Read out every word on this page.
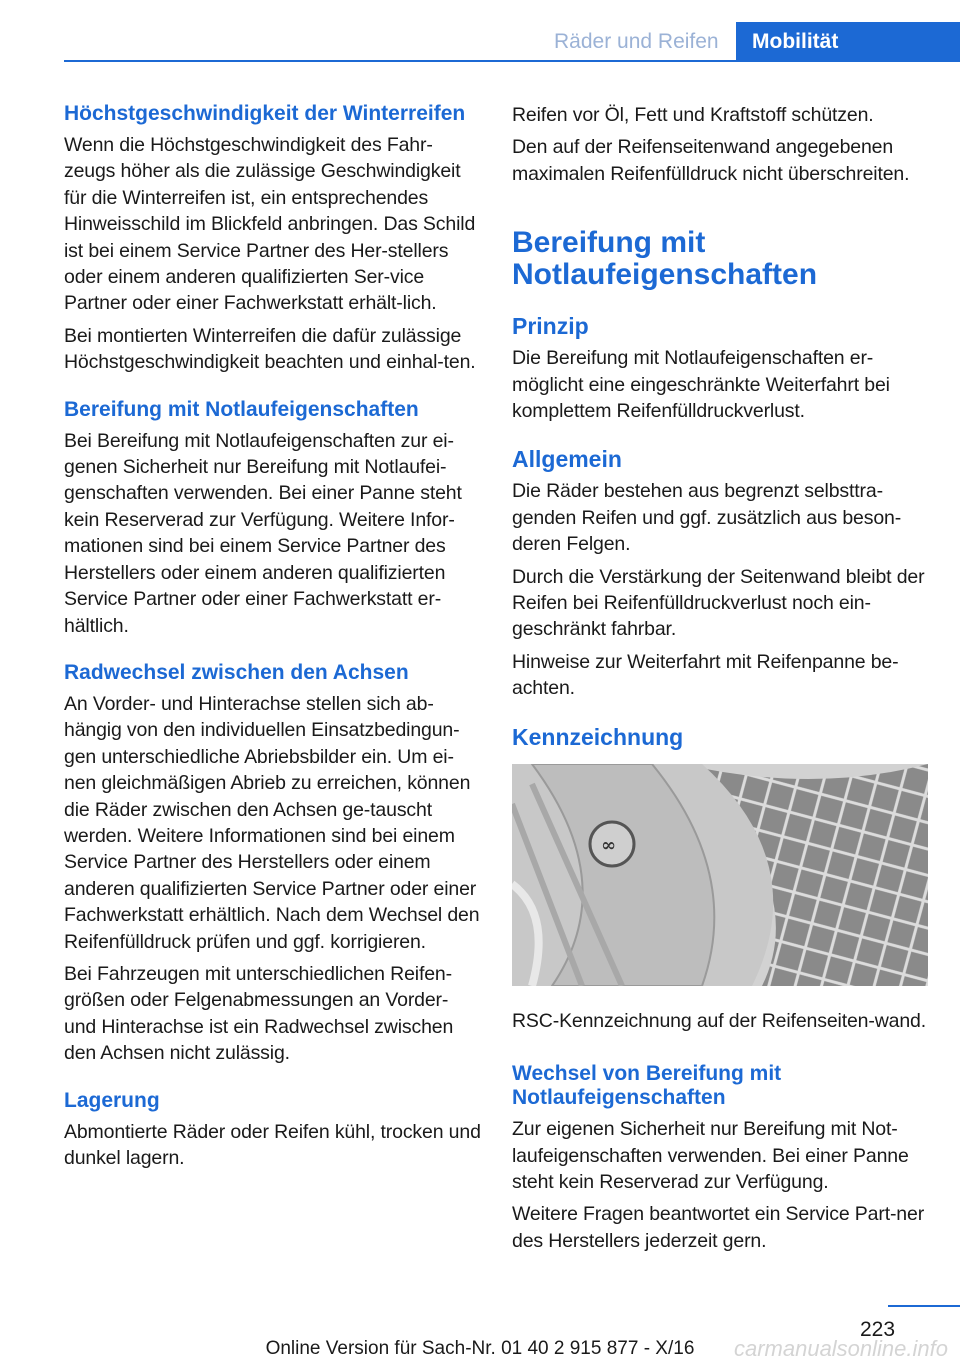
Räder und Reifen	Mobilität
Höchstgeschwindigkeit der Winterreifen

Wenn die Höchstgeschwindigkeit des Fahr-zeugs höher als die zulässige Geschwindigkeit für die Winterreifen ist, ein entsprechendes Hinweisschild im Blickfeld anbringen. Das Schild ist bei einem Service Partner des Her-stellers oder einem anderen qualifizierten Ser-vice Partner oder einer Fachwerkstatt erhält-lich.

Bei montierten Winterreifen die dafür zulässige Höchstgeschwindigkeit beachten und einhal-ten.

Bereifung mit Notlaufeigenschaften

Bei Bereifung mit Notlaufeigenschaften zur ei-genen Sicherheit nur Bereifung mit Notlaufei-genschaften verwenden. Bei einer Panne steht kein Reserverad zur Verfügung. Weitere Infor-mationen sind bei einem Service Partner des Herstellers oder einem anderen qualifizierten Service Partner oder einer Fachwerkstatt er-hältlich.

Radwechsel zwischen den Achsen

An Vorder- und Hinterachse stellen sich ab-hängig von den individuellen Einsatzbedingun-gen unterschiedliche Abriebsbilder ein. Um ei-nen gleichmäßigen Abrieb zu erreichen, können die Räder zwischen den Achsen ge-tauscht werden. Weitere Informationen sind bei einem Service Partner des Herstellers oder einem anderen qualifizierten Service Partner oder einer Fachwerkstatt erhältlich. Nach dem Wechsel den Reifenfülldruck prüfen und ggf. korrigieren.

Bei Fahrzeugen mit unterschiedlichen Reifen-größen oder Felgenabmessungen an Vorder- und Hinterachse ist ein Radwechsel zwischen den Achsen nicht zulässig.

Lagerung

Abmontierte Räder oder Reifen kühl, trocken und dunkel lagern.

Reifen vor Öl, Fett und Kraftstoff schützen.

Den auf der Reifenseitenwand angegebenen maximalen Reifenfülldruck nicht überschreiten.

Bereifung mit Notlaufeigenschaften
Prinzip

Die Bereifung mit Notlaufeigenschaften er-möglicht eine eingeschränkte Weiterfahrt bei komplettem Reifenfülldruckverlust.

Allgemein

Die Räder bestehen aus begrenzt selbsttra-genden Reifen und ggf. zusätzlich aus beson-deren Felgen.

Durch die Verstärkung der Seitenwand bleibt der Reifen bei Reifenfülldruckverlust noch ein-geschränkt fahrbar.

Hinweise zur Weiterfahrt mit Reifenpanne be-achten.

Kennzeichnung
∞

RSC-Kennzeichnung auf der Reifenseiten-wand.

Wechsel von Bereifung mit Notlaufeigenschaften

Zur eigenen Sicherheit nur Bereifung mit Not-laufeigenschaften verwenden. Bei einer Panne steht kein Reserverad zur Verfügung.

Weitere Fragen beantwortet ein Service Part-ner des Herstellers jederzeit gern.

223
Online Version für Sach-Nr. 01 40 2 915 877 - X/16	carmanualsonline.info
